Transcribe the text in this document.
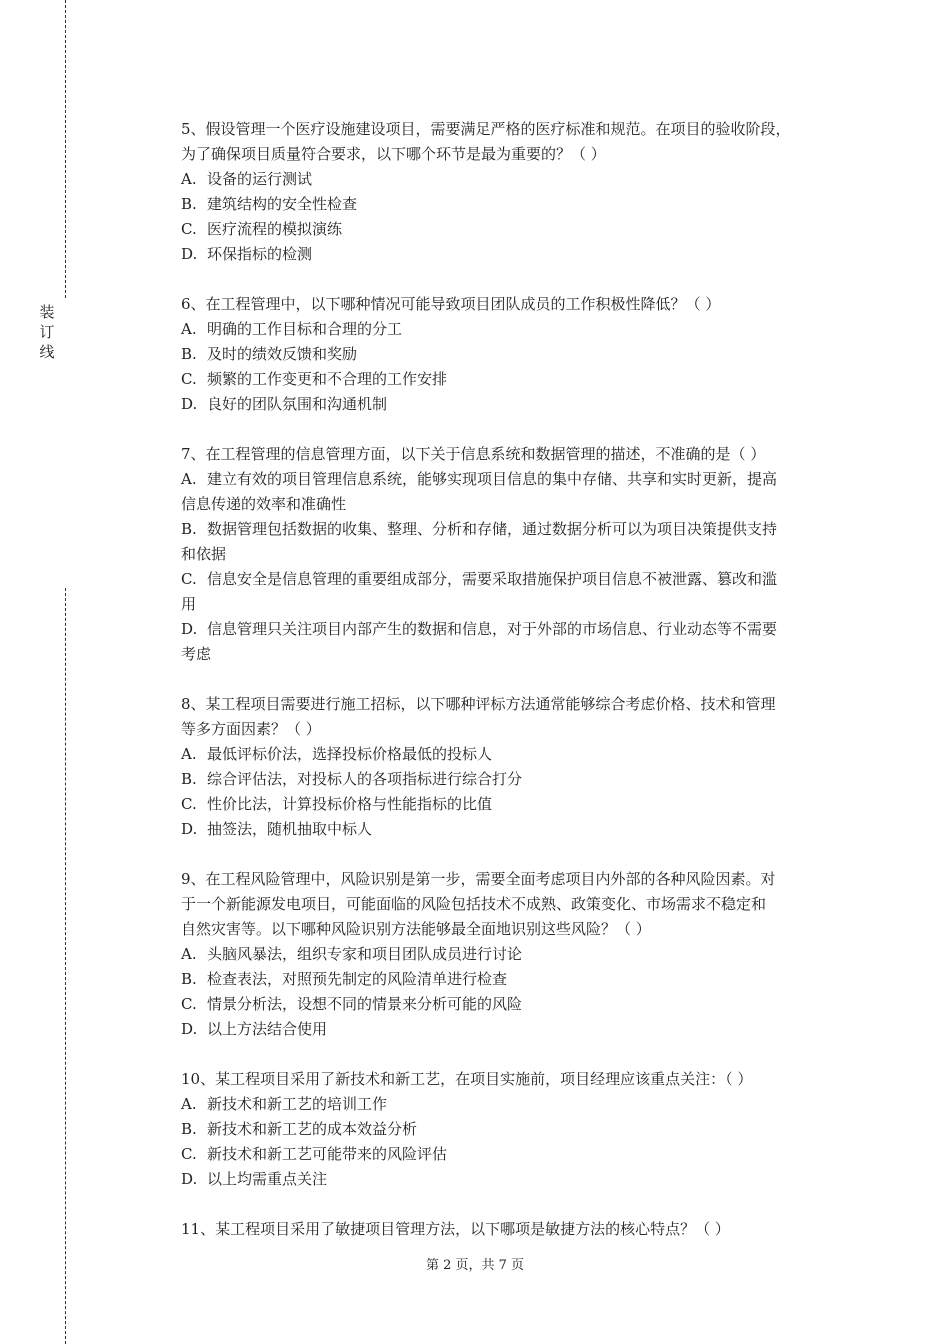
装
订
线
5、假设管理一个医疗设施建设项目，需要满足严格的医疗标准和规范。在项目的验收阶段，
为了确保项目质量符合要求，以下哪个环节是最为重要的？（ ）
A. 设备的运行测试
B. 建筑结构的安全性检查
C. 医疗流程的模拟演练
D. 环保指标的检测
6、在工程管理中，以下哪种情况可能导致项目团队成员的工作积极性降低？（ ）
A. 明确的工作目标和合理的分工
B. 及时的绩效反馈和奖励
C. 频繁的工作变更和不合理的工作安排
D. 良好的团队氛围和沟通机制
7、在工程管理的信息管理方面，以下关于信息系统和数据管理的描述，不准确的是（ ）
A. 建立有效的项目管理信息系统，能够实现项目信息的集中存储、共享和实时更新，提高
信息传递的效率和准确性
B. 数据管理包括数据的收集、整理、分析和存储，通过数据分析可以为项目决策提供支持
和依据
C. 信息安全是信息管理的重要组成部分，需要采取措施保护项目信息不被泄露、篡改和滥
用
D. 信息管理只关注项目内部产生的数据和信息，对于外部的市场信息、行业动态等不需要
考虑
8、某工程项目需要进行施工招标，以下哪种评标方法通常能够综合考虑价格、技术和管理
等多方面因素？（ ）
A. 最低评标价法，选择投标价格最低的投标人
B. 综合评估法，对投标人的各项指标进行综合打分
C. 性价比法，计算投标价格与性能指标的比值
D. 抽签法，随机抽取中标人
9、在工程风险管理中，风险识别是第一步，需要全面考虑项目内外部的各种风险因素。对
于一个新能源发电项目，可能面临的风险包括技术不成熟、政策变化、市场需求不稳定和
自然灾害等。以下哪种风险识别方法能够最全面地识别这些风险？（ ）
A. 头脑风暴法，组织专家和项目团队成员进行讨论
B. 检查表法，对照预先制定的风险清单进行检查
C. 情景分析法，设想不同的情景来分析可能的风险
D. 以上方法结合使用
10、某工程项目采用了新技术和新工艺，在项目实施前，项目经理应该重点关注：（ ）
A. 新技术和新工艺的培训工作
B. 新技术和新工艺的成本效益分析
C. 新技术和新工艺可能带来的风险评估
D. 以上均需重点关注
11、某工程项目采用了敏捷项目管理方法，以下哪项是敏捷方法的核心特点？（ ）
第 2 页，共 7 页
